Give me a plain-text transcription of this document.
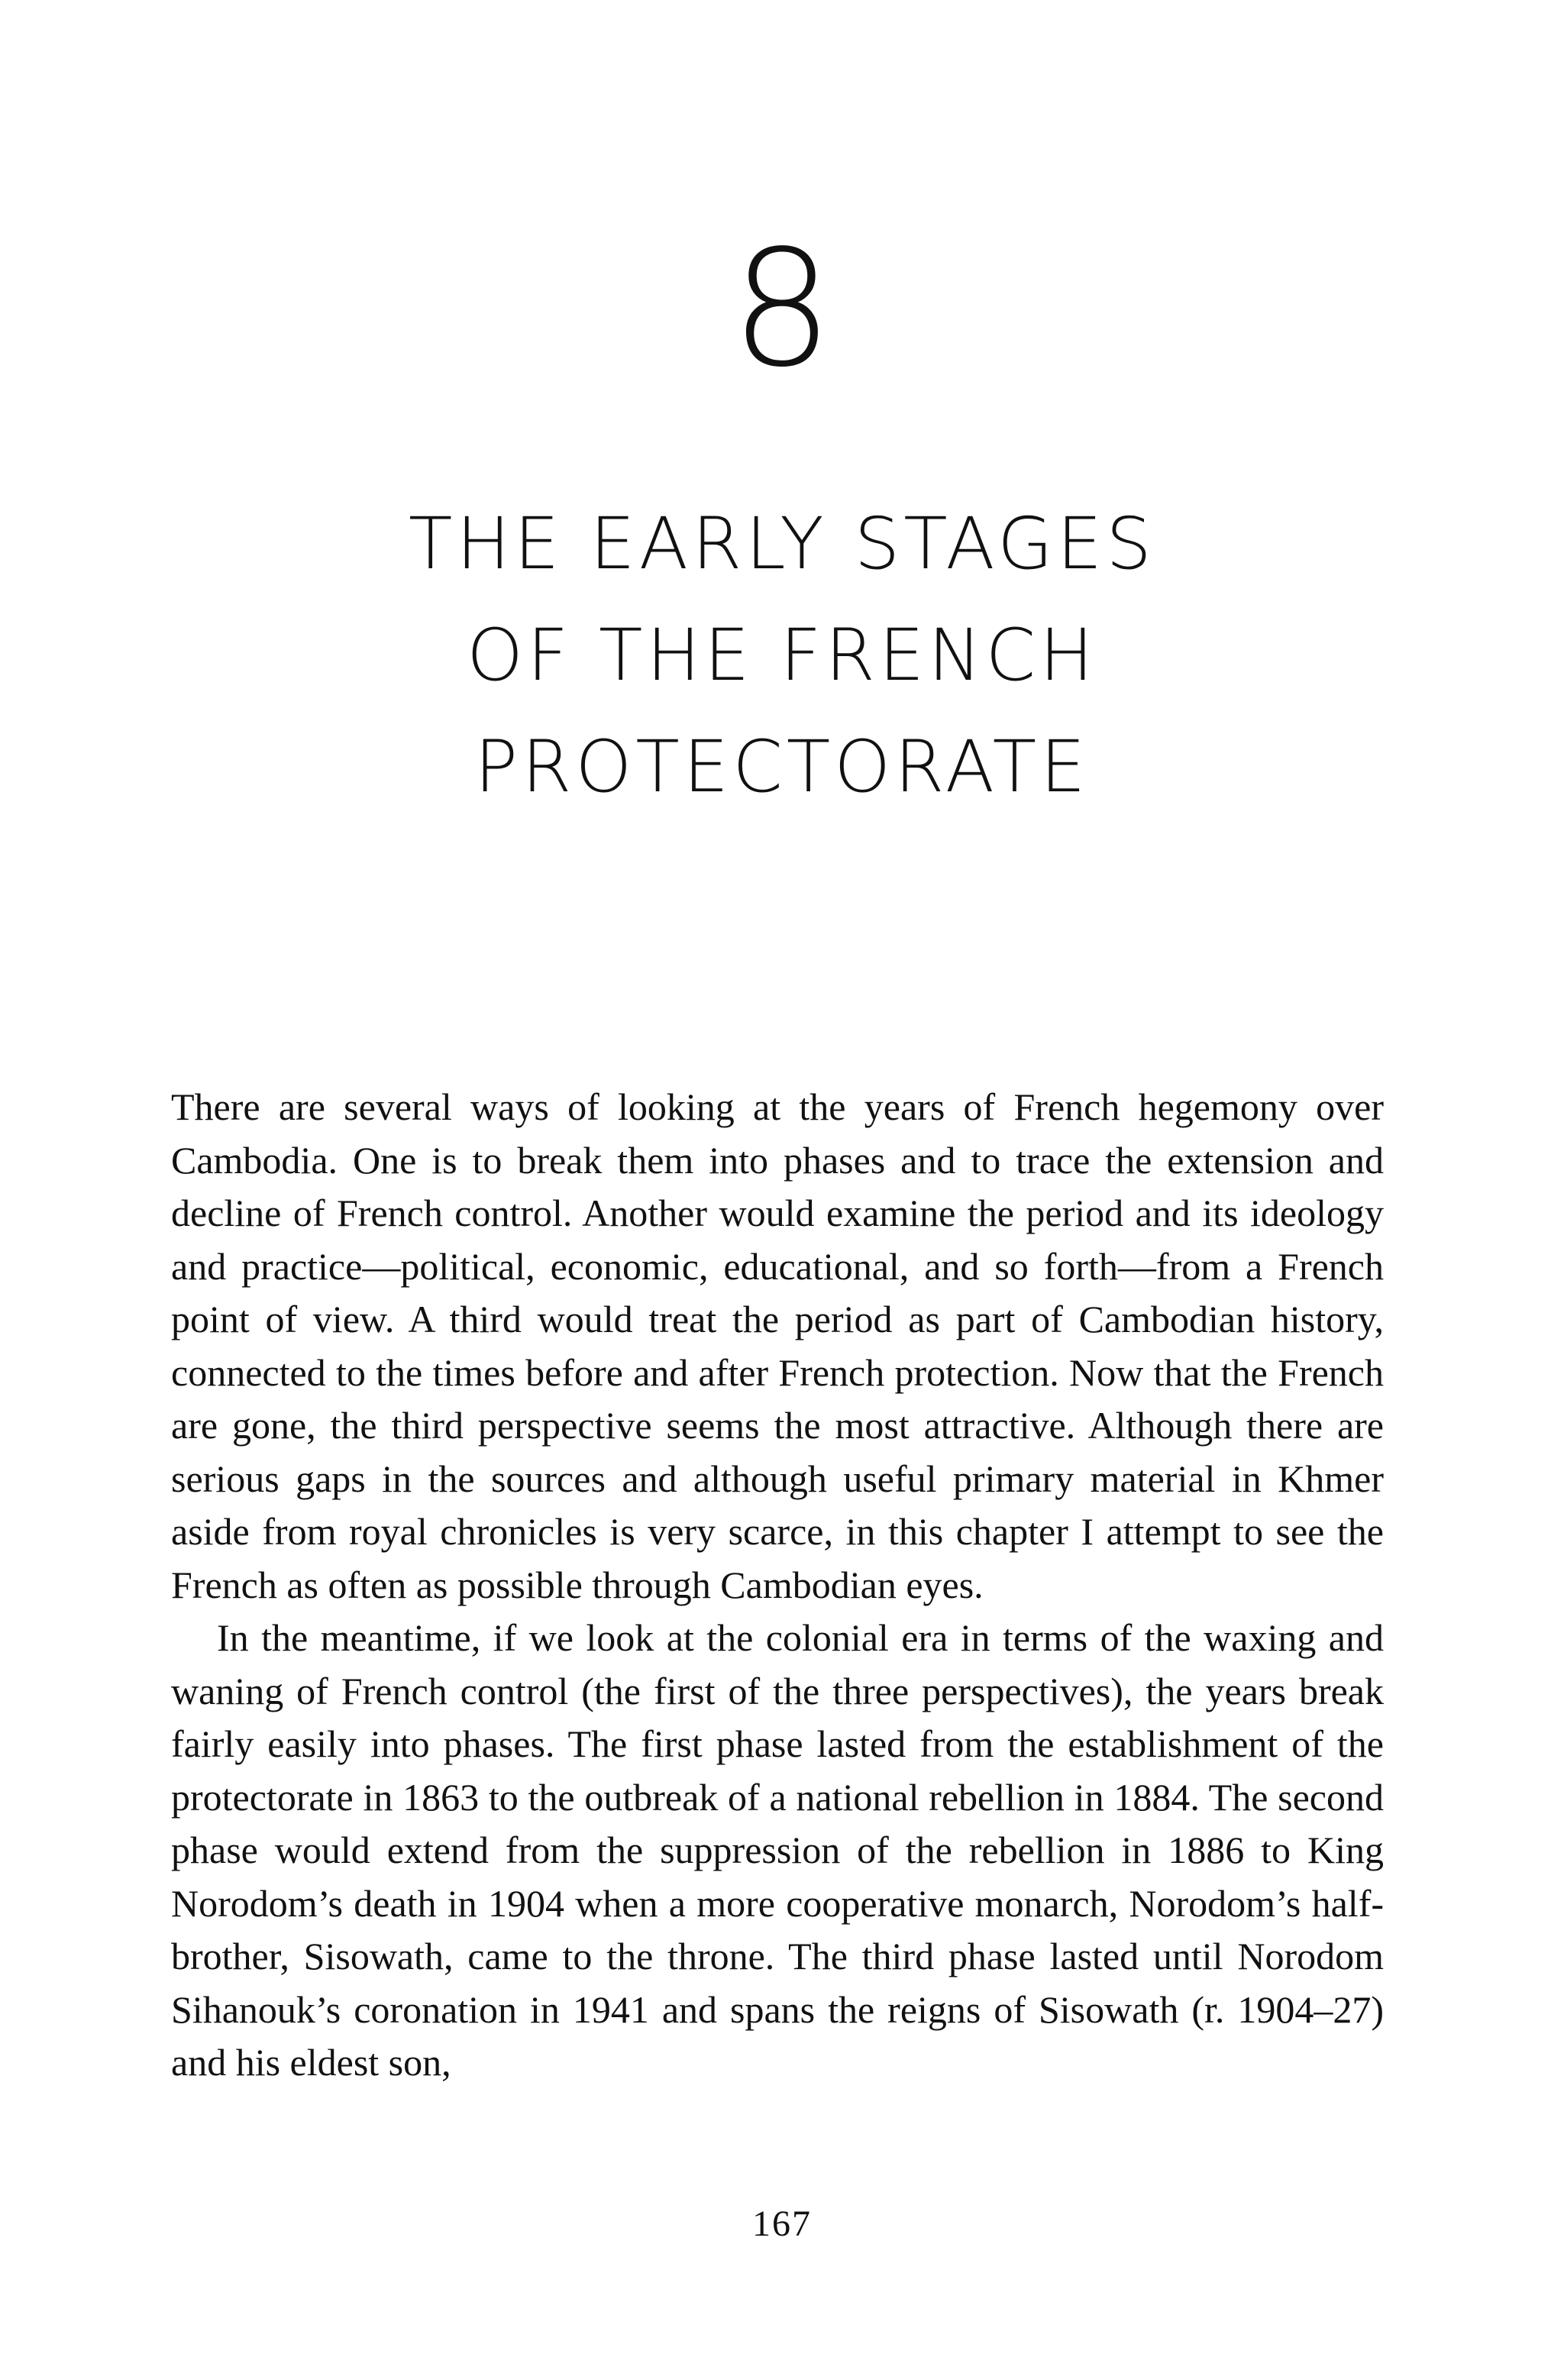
8
THE EARLY STAGES
OF THE FRENCH
PROTECTORATE

There are several ways of looking at the years of French hegemony over Cambodia. One is to break them into phases and to trace the extension and decline of French control. Another would examine the period and its ideology and practice—political, economic, educational, and so forth—from a French point of view. A third would treat the period as part of Cambodian history, connected to the times before and after French protection. Now that the French are gone, the third perspective seems the most attractive. Although there are serious gaps in the sources and although useful primary material in Khmer aside from royal chronicles is very scarce, in this chapter I attempt to see the French as often as possible through Cambodian eyes.

In the meantime, if we look at the colonial era in terms of the waxing and waning of French control (the first of the three perspectives), the years break fairly easily into phases. The first phase lasted from the establishment of the protectorate in 1863 to the outbreak of a national rebellion in 1884. The second phase would extend from the suppression of the rebellion in 1886 to King Norodom’s death in 1904 when a more cooperative monarch, Norodom’s half-brother, Sisowath, came to the throne. The third phase lasted until Norodom Sihanouk’s coronation in 1941 and spans the reigns of Sisowath (r. 1904–27) and his eldest son,

167
